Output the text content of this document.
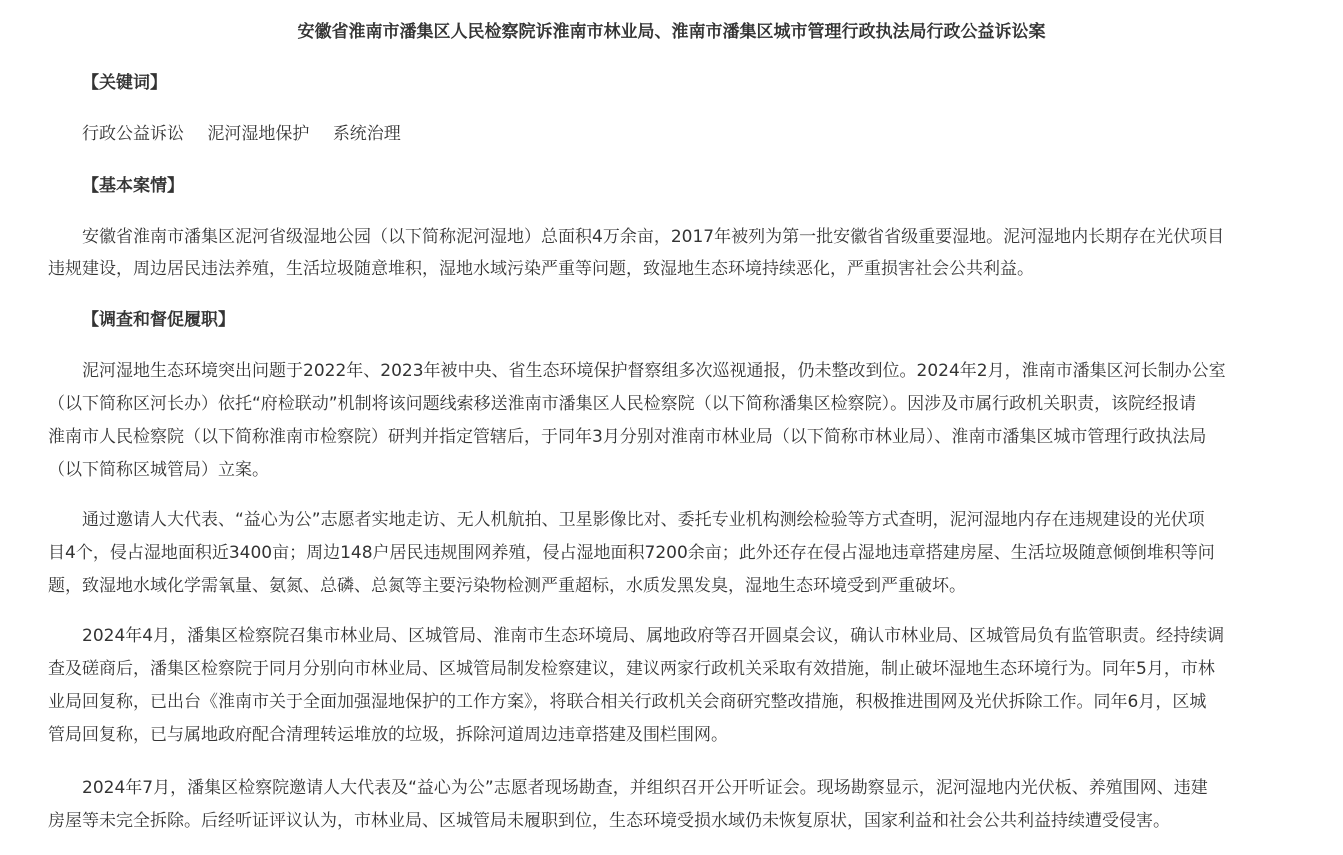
安徽省淮南市潘集区人民检察院诉淮南市林业局、淮南市潘集区城市管理行政执法局行政公益诉讼案
【关键词】
行政公益诉讼 泥河湿地保护 系统治理
【基本案情】
安徽省淮南市潘集区泥河省级湿地公园（以下简称泥河湿地）总面积4万余亩，2017年被列为第一批安徽省省级重要湿地。泥河湿地内长期存在光伏项目
违规建设，周边居民违法养殖，生活垃圾随意堆积，湿地水域污染严重等问题，致湿地生态环境持续恶化，严重损害社会公共利益。
【调查和督促履职】
泥河湿地生态环境突出问题于2022年、2023年被中央、省生态环境保护督察组多次巡视通报，仍未整改到位。2024年2月，淮南市潘集区河长制办公室
（以下简称区河长办）依托“府检联动”机制将该问题线索移送淮南市潘集区人民检察院（以下简称潘集区检察院）。因涉及市属行政机关职责，该院经报请
淮南市人民检察院（以下简称淮南市检察院）研判并指定管辖后，于同年3月分别对淮南市林业局（以下简称市林业局）、淮南市潘集区城市管理行政执法局
（以下简称区城管局）立案。
通过邀请人大代表、“益心为公”志愿者实地走访、无人机航拍、卫星影像比对、委托专业机构测绘检验等方式查明，泥河湿地内存在违规建设的光伏项
目4个，侵占湿地面积近3400亩；周边148户居民违规围网养殖，侵占湿地面积7200余亩；此外还存在侵占湿地违章搭建房屋、生活垃圾随意倾倒堆积等问
题，致湿地水域化学需氧量、氨氮、总磷、总氮等主要污染物检测严重超标，水质发黑发臭，湿地生态环境受到严重破坏。
2024年4月，潘集区检察院召集市林业局、区城管局、淮南市生态环境局、属地政府等召开圆桌会议，确认市林业局、区城管局负有监管职责。经持续调
查及磋商后，潘集区检察院于同月分别向市林业局、区城管局制发检察建议，建议两家行政机关采取有效措施，制止破坏湿地生态环境行为。同年5月，市林
业局回复称，已出台《淮南市关于全面加强湿地保护的工作方案》，将联合相关行政机关会商研究整改措施，积极推进围网及光伏拆除工作。同年6月，区城
管局回复称，已与属地政府配合清理转运堆放的垃圾，拆除河道周边违章搭建及围栏围网。
2024年7月，潘集区检察院邀请人大代表及“益心为公”志愿者现场勘查，并组织召开公开听证会。现场勘察显示，泥河湿地内光伏板、养殖围网、违建
房屋等未完全拆除。后经听证评议认为，市林业局、区城管局未履职到位，生态环境受损水域仍未恢复原状，国家利益和社会公共利益持续遭受侵害。
